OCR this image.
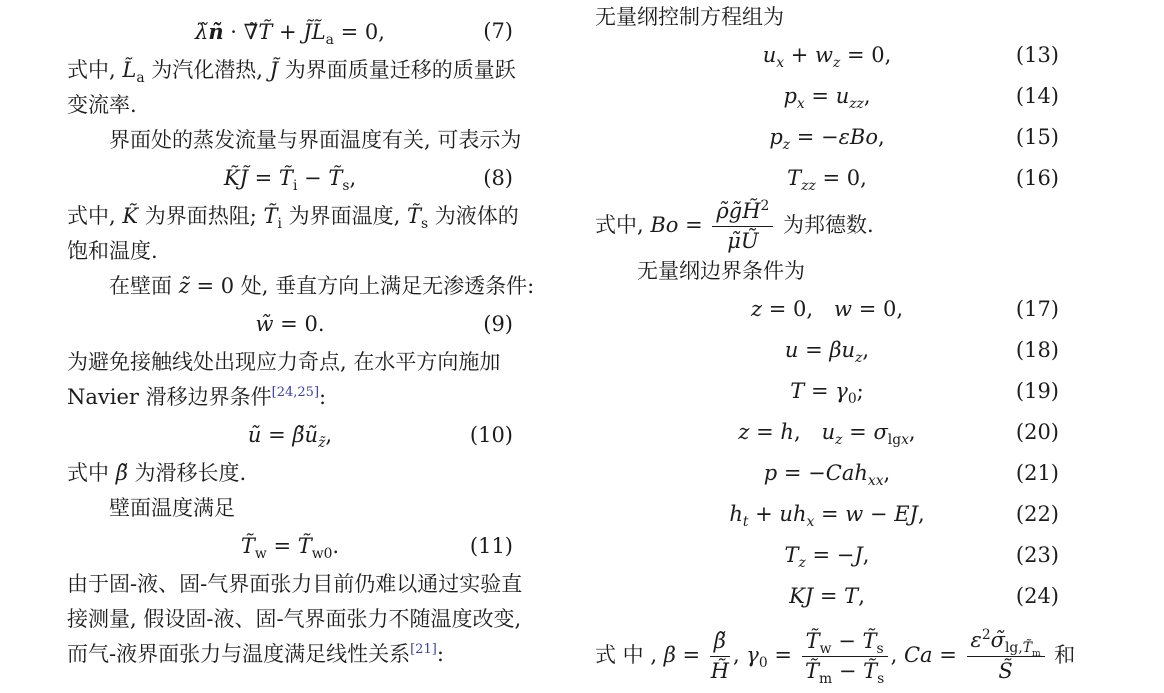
λ̃ñ · ∇̃T̃ + $J̃L̃_a = 0$,	(7)
式中, $L̃_a$ 为汽化潜热, J̃ 为界面质量迁移的质量跃
变流率.
界面处的蒸发流量与界面温度有关, 可表示为
K̃J̃ = $T̃_i$ − $T̃_s$,	(8)
式中, K̃ 为界面热阻; $T̃_i$ 为界面温度, $T̃_s$ 为液体的
饱和温度.
在壁面 z̃ = 0 处, 垂直方向上满足无渗透条件:
w̃ = 0.	(9)
为避免接触线处出现应力奇点, 在水平方向施加
Navier 滑移边界条件[24,25]:
ũ = $\betãũ_{z̃}$,	(10)
式中 β̃ 为滑移长度.
壁面温度满足
$T̃_w$ = $T̃_{w0}$.	(11)
由于固-液、固-气界面张力目前仍难以通过实验直
接测量, 假设固-液、固-气界面张力不随温度改变,
而气-液界面张力与温度满足线性关系[21]:
无量纲控制方程组为
$u_x + w_z = 0$,	(13)
$p_x = u_{zz}$,	(14)
$p_z = -\varepsilon Bo$,	(15)
$T_{zz} = 0$,	(16)
式中, $Bo = \frac{\rhõg̃H̃^2}{\mũŨ}$ 为邦德数.
无量纲边界条件为
z = 0, w = 0,	(17)
$u = \beta u_z$,	(18)
$T = \gamma_0$;	(19)
z = h, $u_z = \sigma_{lgx}$,	(20)
p = −Cah$_{xx}$,	(21)
$h_t + uh_x = w$ − EJ,	(22)
$T_z = -J$,	(23)
KJ = T,	(24)
式 中 , $\beta = \frac{\betã}{H̃}$ , $\gamma_0 = \frac{T̃_w - T̃_s}{T̃_m - T̃_s}$ , $Ca = \frac{\varepsilon^2\sigmã_{lg,T̃_m}}{S̃}$ 和
